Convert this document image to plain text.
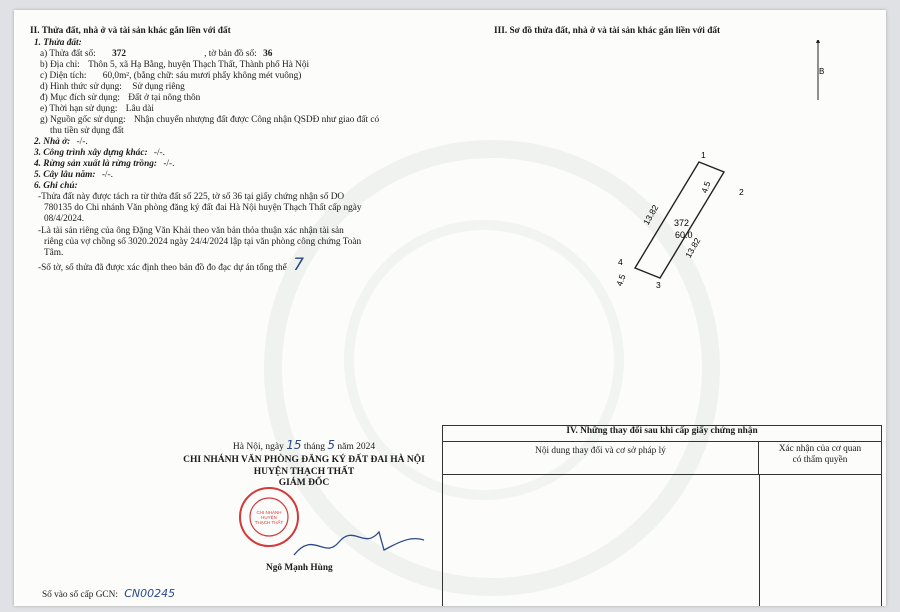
II. Thửa đất, nhà ở và tài sản khác gắn liền với đất
1. Thửa đất:
a) Thửa đất số: 372	, tờ bản đồ số: 36
b) Địa chỉ: Thôn 5, xã Hạ Bằng, huyện Thạch Thất, Thành phố Hà Nội
c) Diện tích: 60,0m², (bằng chữ: sáu mươi phẩy không mét vuông)
d) Hình thức sử dụng: Sử dụng riêng
đ) Mục đích sử dụng: Đất ở tại nông thôn
e) Thời hạn sử dụng: Lâu dài
g) Nguồn gốc sử dụng: Nhận chuyển nhượng đất được Công nhận QSDĐ như giao đất có
thu tiền sử dụng đất
2. Nhà ở: -/-.
3. Công trình xây dựng khác: -/-.
4. Rừng sản xuất là rừng trồng: -/-.
5. Cây lâu năm: -/-.
6. Ghi chú:
-Thửa đất này được tách ra từ thửa đất số 225, tờ số 36 tại giấy chứng nhận số DO
780135 do Chi nhánh Văn phòng đăng ký đất đai Hà Nội huyện Thạch Thất cấp ngày
08/4/2024.
-Là tài sản riêng của ông Đặng Văn Khải theo văn bản thỏa thuận xác nhận tài sản
riêng của vợ chồng số 3020.2024 ngày 24/4/2024 lập tại văn phòng công chứng Toàn
Tâm.
-Số tờ, số thửa đã được xác định theo bản đồ đo đạc dự án tổng thể 7
III. Sơ đồ thửa đất, nhà ở và tài sản khác gắn liền với đất
B
1
2
3
4
4.5
4.5
13.82
13.82
372
60.0
Hà Nội, ngày 15 tháng 5 năm 2024
CHI NHÁNH VĂN PHÒNG ĐĂNG KÝ ĐẤT ĐAI HÀ NỘI
HUYỆN THẠCH THẤT
GIÁM ĐỐC
CHI NHÁNH
HUYỆN
THẠCH THẤT
Ngô Mạnh Hùng
IV. Những thay đổi sau khi cấp giấy chứng nhận
Nội dung thay đổi và cơ sở pháp lý	Xác nhận của cơ quan
có thẩm quyền
Số vào sổ cấp GCN: CN00245
